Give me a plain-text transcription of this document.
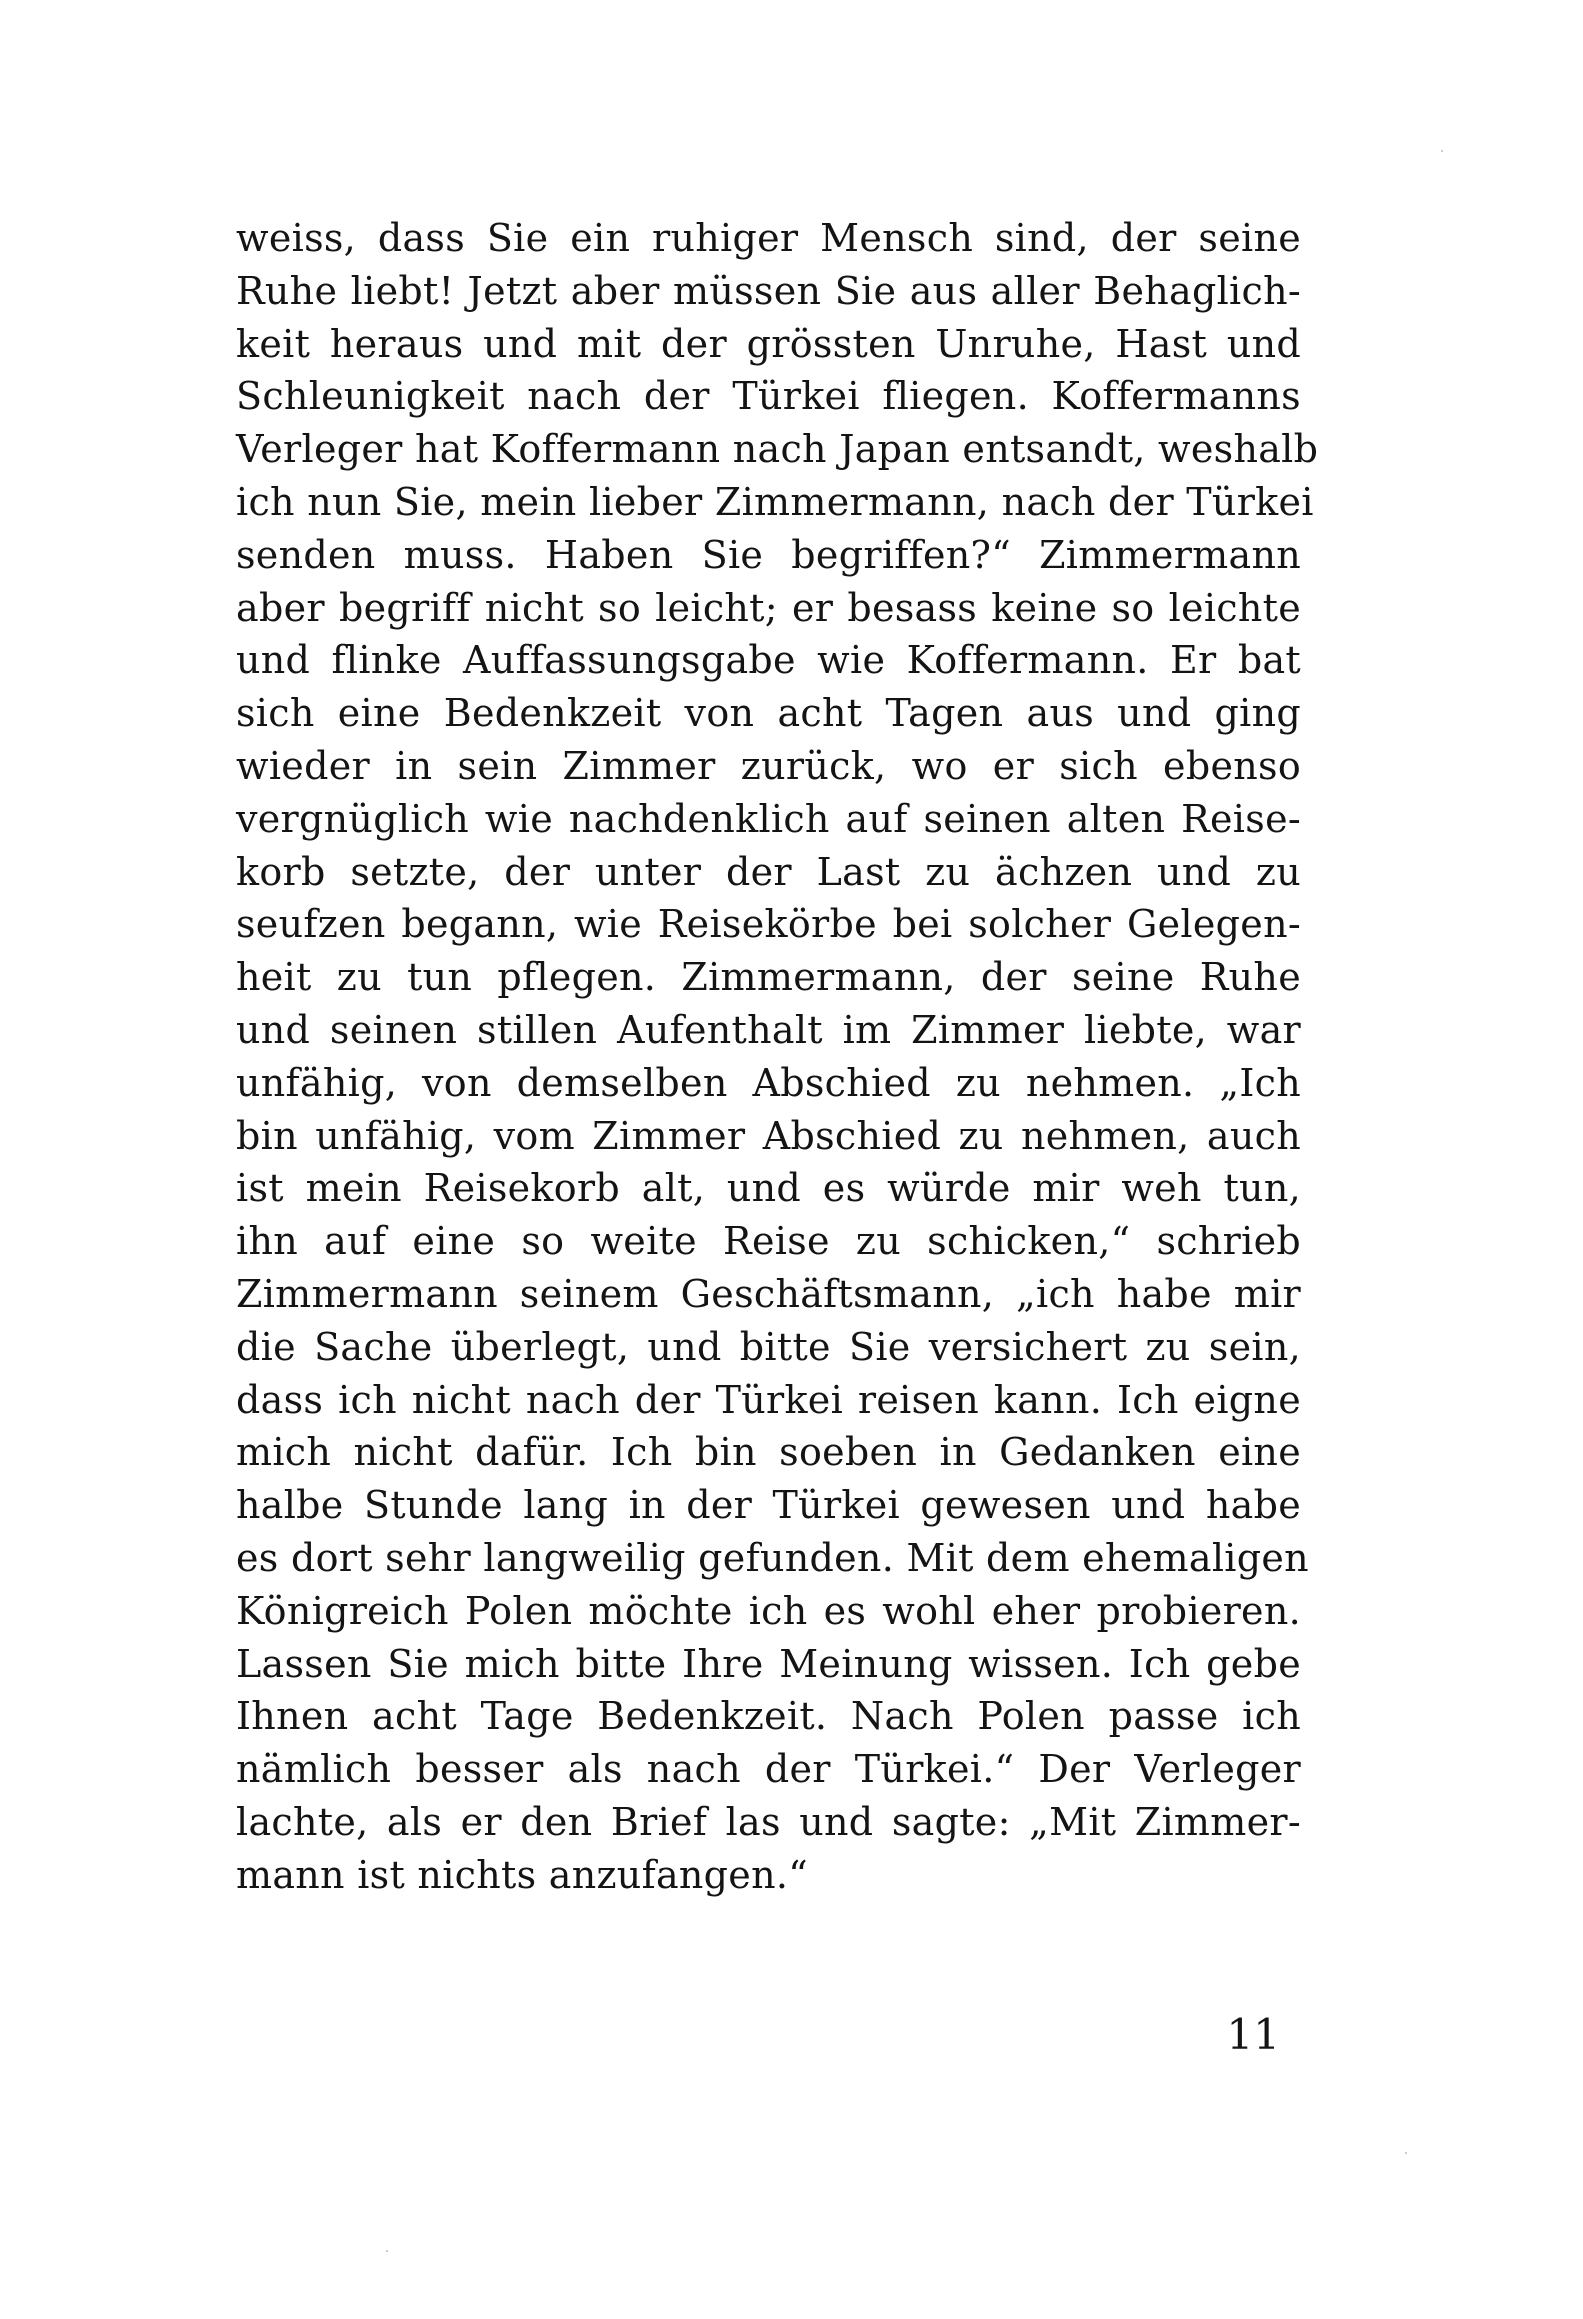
weiss, dass Sie ein ruhiger Mensch sind, der seine
Ruhe liebt! Jetzt aber müssen Sie aus aller Behaglich-
keit heraus und mit der grössten Unruhe, Hast und
Schleunigkeit nach der Türkei fliegen. Koffermanns
Verleger hat Koffermann nach Japan entsandt, weshalb
ich nun Sie, mein lieber Zimmermann, nach der Türkei
senden muss. Haben Sie begriffen?“ Zimmermann
aber begriff nicht so leicht; er besass keine so leichte
und flinke Auffassungsgabe wie Koffermann. Er bat
sich eine Bedenkzeit von acht Tagen aus und ging
wieder in sein Zimmer zurück, wo er sich ebenso
vergnüglich wie nachdenklich auf seinen alten Reise-
korb setzte, der unter der Last zu ächzen und zu
seufzen begann, wie Reisekörbe bei solcher Gelegen-
heit zu tun pflegen. Zimmermann, der seine Ruhe
und seinen stillen Aufenthalt im Zimmer liebte, war
unfähig, von demselben Abschied zu nehmen. „Ich
bin unfähig, vom Zimmer Abschied zu nehmen, auch
ist mein Reisekorb alt, und es würde mir weh tun,
ihn auf eine so weite Reise zu schicken,“ schrieb
Zimmermann seinem Geschäftsmann, „ich habe mir
die Sache überlegt, und bitte Sie versichert zu sein,
dass ich nicht nach der Türkei reisen kann. Ich eigne
mich nicht dafür. Ich bin soeben in Gedanken eine
halbe Stunde lang in der Türkei gewesen und habe
es dort sehr langweilig gefunden. Mit dem ehemaligen
Königreich Polen möchte ich es wohl eher probieren.
Lassen Sie mich bitte Ihre Meinung wissen. Ich gebe
Ihnen acht Tage Bedenkzeit. Nach Polen passe ich
nämlich besser als nach der Türkei.“ Der Verleger
lachte, als er den Brief las und sagte: „Mit Zimmer-
mann ist nichts anzufangen.“
11
